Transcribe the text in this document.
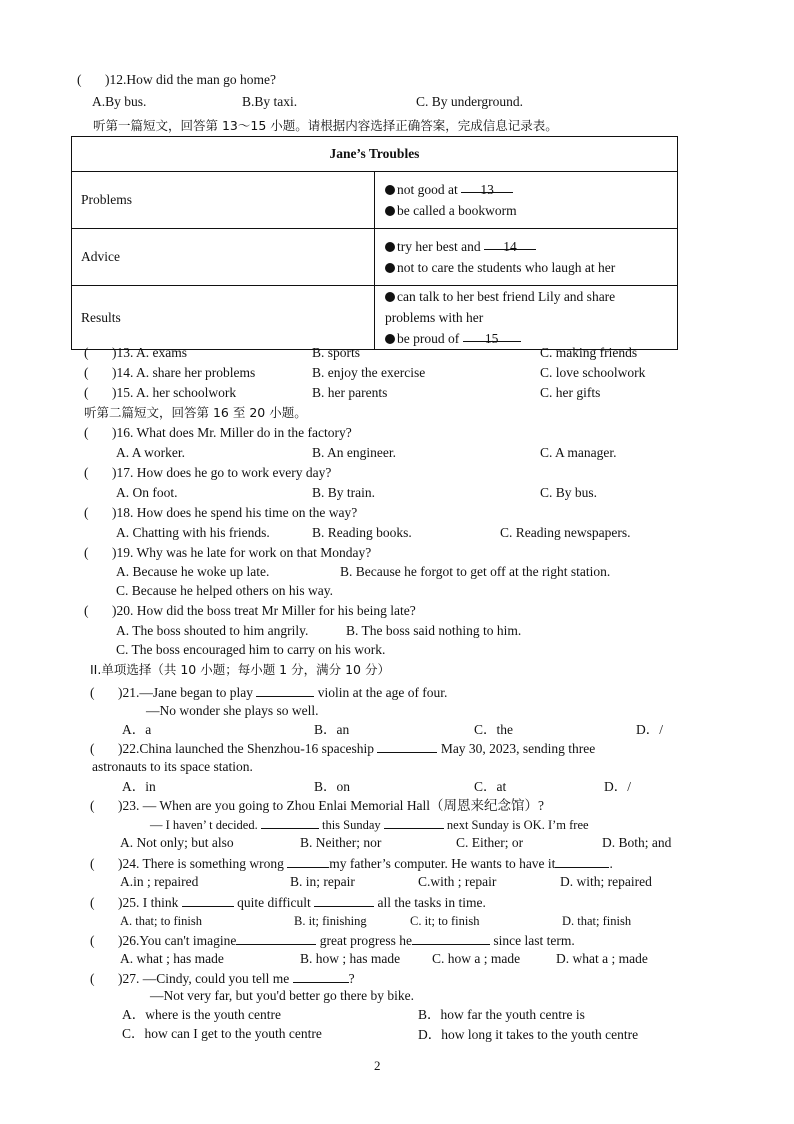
( )12.How did the man go home?
A.By bus.	B.By taxi.	C. By underground.
听第一篇短文，回答第 13～15 小题。请根据内容选择正确答案，完成信息记录表。
Jane’s Troubles	
Problems	not good at 13
be called a bookworm

Advice	try her best and 14
not to care the students who laugh at her

Results	can talk to her best friend Lily and share problems with her
be proud of 15
( )13. A. exams	B. sports	C. making friends
( )14. A. share her problems	B. enjoy the exercise	C. love schoolwork
( )15. A. her schoolwork	B. her parents	C. her gifts
听第二篇短文，回答第 16 至 20 小题。
( )16. What does Mr. Miller do in the factory?
A. A worker.	B. An engineer.	C. A manager.
( )17. How does he go to work every day?
A. On foot.	B. By train.	C. By bus.
( )18. How does he spend his time on the way?
A. Chatting with his friends.	B. Reading books.	C. Reading newspapers.
( )19. Why was he late for work on that Monday?
A. Because he woke up late.	B. Because he forgot to get off at the right station.
C. Because he helped others on his way.
( )20. How did the boss treat Mr Miller for his being late?
A. The boss shouted to him angrily.	B. The boss said nothing to him.
C. The boss encouraged him to carry on his work.
II.单项选择（共 10 小题；每小题 1 分，满分 10 分）
( )21.—Jane began to play	violin at the age of four.
—No wonder she plays so well.
A．a	B．an	C．the	D．/
( )22.China launched the Shenzhou-16 spaceship	May 30, 2023, sending three
astronauts to its space station.
A．in	B．on	C．at	D．/
( )23. — When are you going to Zhou Enlai Memorial Hall（周恩来纪念馆）?
— I haven’ t decided.	this Sunday	next Sunday is OK. I’m free
A. Not only; but also	B. Neither; nor	C. Either; or	D. Both; and
( )24. There is something wrong	my father’s computer. He wants to have it	.
A.in ; repaired	B. in; repair	C.with ; repair	D. with; repaired
( )25. I think	quite difficult	all the tasks in time.
A. that; to finish	B. it; finishing	C. it; to finish	D. that; finish
( )26.You can't imagine	great progress he	since last term.
A. what ; has made	B. how ; has made C. how a ; made	D. what a ; made
( )27. —Cindy, could you tell me	?
—Not very far, but you'd better go there by bike.
A．where is the youth centre	B．how far the youth centre is
C．how can I get to the youth centre	D．how long it takes to the youth centre
2
